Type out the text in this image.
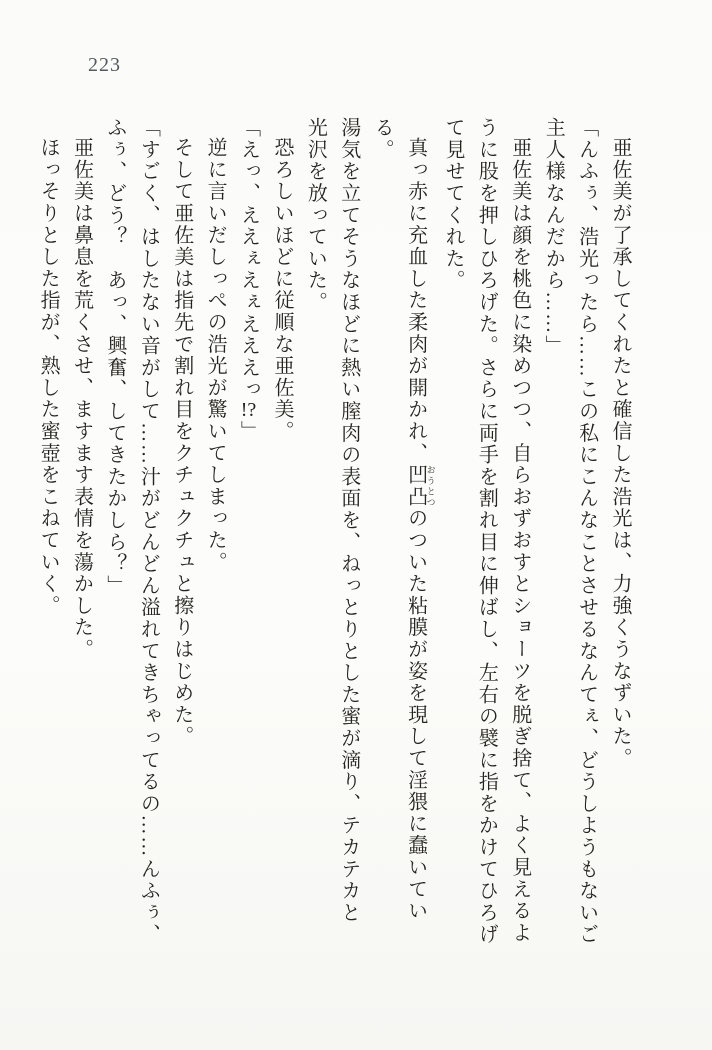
223

亜佐美が了承してくれたと確信した浩光は、力強くうなずいた。

「んふぅ、浩光ったら……この私にこんなことさせるなんてぇ、どうしようもないご

主人様なんだから……」

亜佐美は顔を桃色に染めつつ、自らおずおすとショーツを脱ぎ捨て、よく見えるよ

うに股を押しひろげた。さらに両手を割れ目に伸ばし、左右の襞に指をかけてひろげ

て見せてくれた。

真っ赤に充血した柔肉が開かれ、凹凸 おうとつのついた粘膜が姿を現して淫猥に蠢いている。

湯気を立てそうなほどに熱い膣肉の表面を、ねっとりとした蜜が滴り、テカテカと

光沢を放っていた。

恐ろしいほどに従順な亜佐美。

「えっ、ええぇえぇえええっ!?」

逆に言いだしっぺの浩光が驚いてしまった。

そして亜佐美は指先で割れ目をクチュクチュと擦りはじめた。

「すごく、はしたない音がして……汁がどんどん溢れてきちゃってるの……んふぅ、

ふぅ、どう？　あっ、興奮、してきたかしら？」

亜佐美は鼻息を荒くさせ、ますます表情を蕩かした。

ほっそりとした指が、熟した蜜壺をこねていく。
